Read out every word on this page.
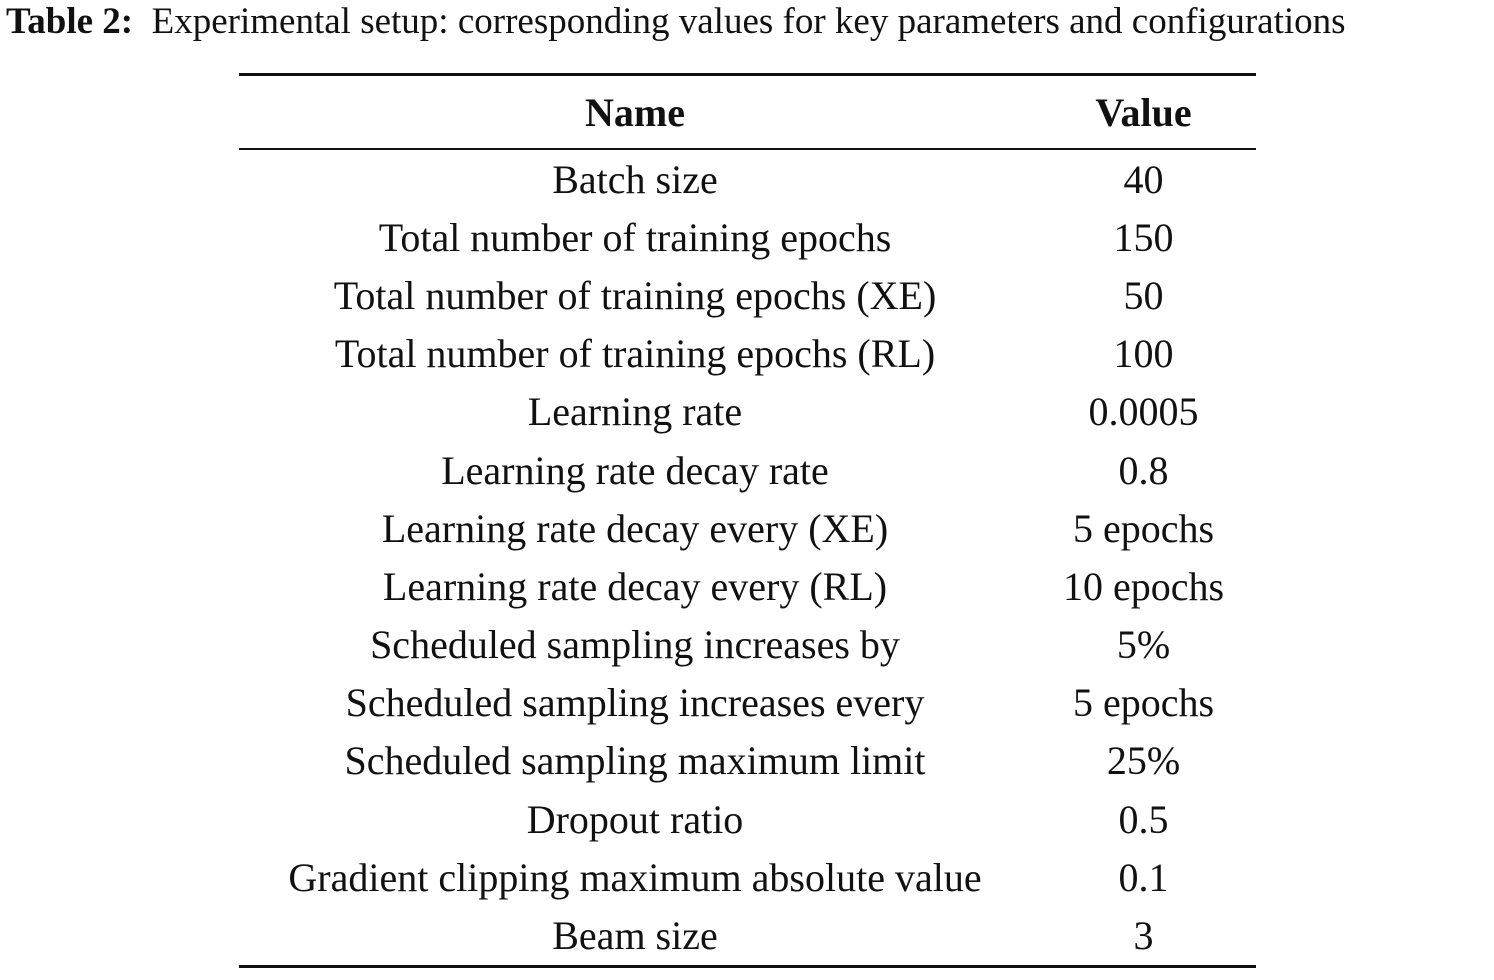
Table 2: Experimental setup: corresponding values for key parameters and configurations
Name	Value
Batch size	40
Total number of training epochs	150
Total number of training epochs (XE)	50
Total number of training epochs (RL)	100
Learning rate	0.0005
Learning rate decay rate	0.8
Learning rate decay every (XE)	5 epochs
Learning rate decay every (RL)	10 epochs
Scheduled sampling increases by	5%
Scheduled sampling increases every	5 epochs
Scheduled sampling maximum limit	25%
Dropout ratio	0.5
Gradient clipping maximum absolute value	0.1
Beam size	3
